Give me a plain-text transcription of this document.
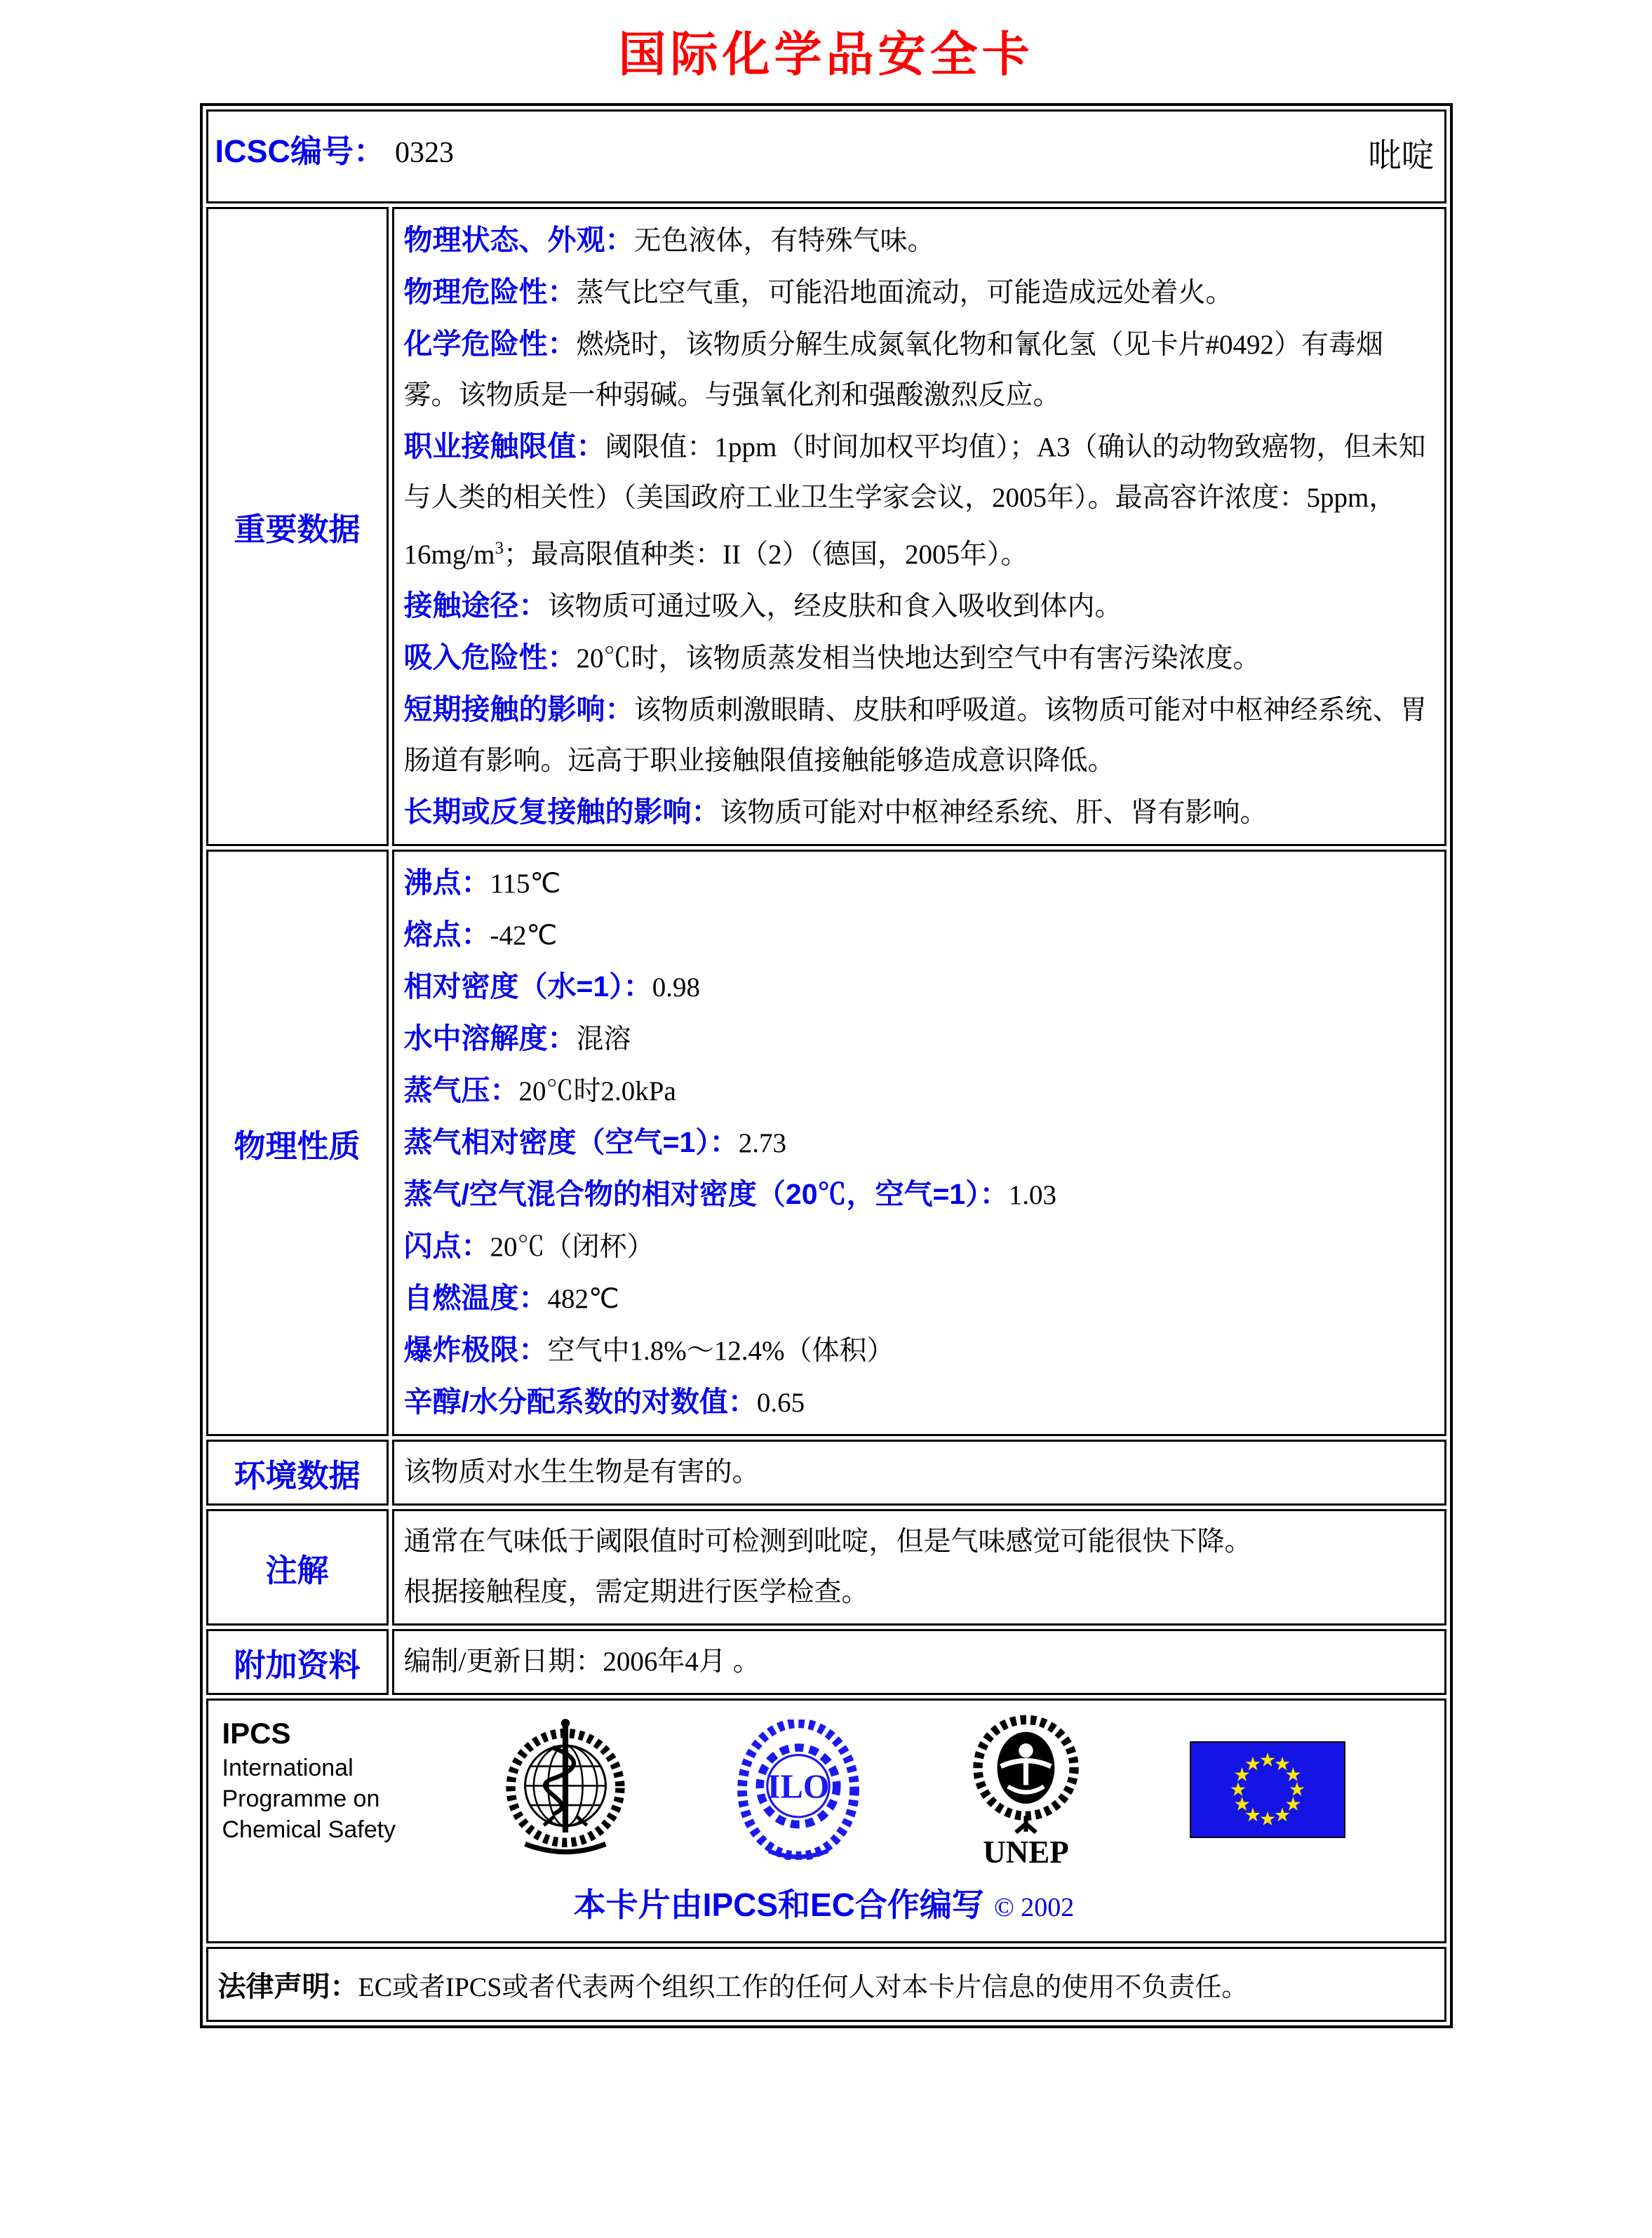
国际化学品安全卡
ICSC编号： 0323 吡啶	

重要数据	
物理状态、外观：无色液体，有特殊气味。
物理危险性：蒸气比空气重，可能沿地面流动，可能造成远处着火。
化学危险性：燃烧时，该物质分解生成氮氧化物和氰化氢（见卡片#0492）有毒烟雾。该物质是一种弱碱。与强氧化剂和强酸激烈反应。
职业接触限值：阈限值：1ppm（时间加权平均值）；A3（确认的动物致癌物，但未知与人类的相关性）（美国政府工业卫生学家会议，2005年）。最高容许浓度：5ppm，$16mg/m^3$；最高限值种类：II（2）（德国，2005年）。
接触途径：该物质可通过吸入，经皮肤和食入吸收到体内。
吸入危险性：20℃时，该物质蒸发相当快地达到空气中有害污染浓度。
短期接触的影响：该物质刺激眼睛、皮肤和呼吸道。该物质可能对中枢神经系统、胃肠道有影响。远高于职业接触限值接触能够造成意识降低。
长期或反复接触的影响：该物质可能对中枢神经系统、肝、肾有影响。

物理性质	
沸点：115℃
熔点：-42℃
相对密度（水=1）：0.98
水中溶解度：混溶
蒸气压：20℃时2.0kPa
蒸气相对密度（空气=1）：2.73
蒸气/空气混合物的相对密度（20℃，空气=1）：1.03
闪点：20℃（闭杯）
自燃温度：482℃
爆炸极限：空气中1.8%～12.4%（体积）
辛醇/水分配系数的对数值：0.65

环境数据	该物质对水生生物是有害的。

注解	通常在气味低于阈限值时可检测到吡啶，但是气味感觉可能很快下降。
根据接触程度，需定期进行医学检查。

附加资料	编制/更新日期：2006年4月 。

IPCS
International
Programme on
Chemical Safety
ILO
UNEP
本卡片由IPCS和EC合作编写 © 2002

法律声明：EC或者IPCS或者代表两个组织工作的任何人对本卡片信息的使用不负责任。	
